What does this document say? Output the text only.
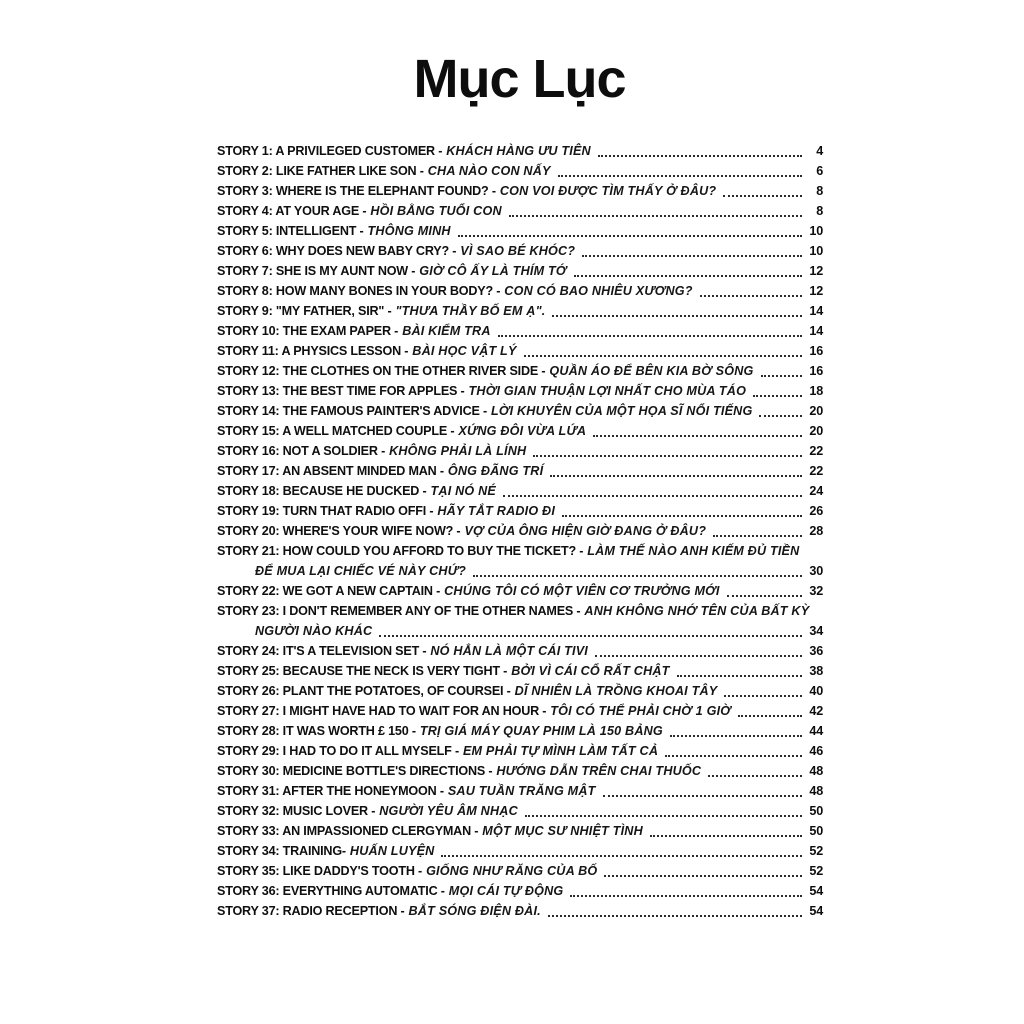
Mục Lục
STORY 1: A PRIVILEGED CUSTOMER - KHÁCH HÀNG ƯU TIÊN	4
STORY 2: LIKE FATHER LIKE SON - CHA NÀO CON NẤY	6
STORY 3: WHERE IS THE ELEPHANT FOUND? - CON VOI ĐƯỢC TÌM THẤY Ở ĐÂU?	8
STORY 4: AT YOUR AGE - HỒI BẰNG TUỔI CON	8
STORY 5: INTELLIGENT - THÔNG MINH	10
STORY 6: WHY DOES NEW BABY CRY? - VÌ SAO BÉ KHÓC?	10
STORY 7: SHE IS MY AUNT NOW - GIỜ CÔ ẤY LÀ THÍM TỚ	12
STORY 8: HOW MANY BONES IN YOUR BODY? - CON CÓ BAO NHIÊU XƯƠNG?	12
STORY 9: "MY FATHER, SIR" - "THƯA THẦY BỐ EM Ạ".	14
STORY 10: THE EXAM PAPER - BÀI KIỂM TRA	14
STORY 11: A PHYSICS LESSON - BÀI HỌC VẬT LÝ	16
STORY 12: THE CLOTHES ON THE OTHER RIVER SIDE - QUẦN ÁO ĐỂ BÊN KIA BỜ SÔNG	16
STORY 13: THE BEST TIME FOR APPLES - THỜI GIAN THUẬN LỢI NHẤT CHO MÙA TÁO	18
STORY 14: THE FAMOUS PAINTER'S ADVICE - LỜI KHUYÊN CỦA MỘT HỌA SĨ NỔI TIẾNG	20
STORY 15: A WELL MATCHED COUPLE - XỨNG ĐÔI VỪA LỨA	20
STORY 16: NOT A SOLDIER - KHÔNG PHẢI LÀ LÍNH	22
STORY 17: AN ABSENT MINDED MAN - ÔNG ĐÃNG TRÍ	22
STORY 18: BECAUSE HE DUCKED - TẠI NÓ NÉ	24
STORY 19: TURN THAT RADIO OFFI - HÃY TẮT RADIO ĐI	26
STORY 20: WHERE'S YOUR WIFE NOW? - VỢ CỦA ÔNG HIỆN GIỜ ĐANG Ở ĐÂU?	28
STORY 21: HOW COULD YOU AFFORD TO BUY THE TICKET? - LÀM THẾ NÀO ANH KIẾM ĐỦ TIỀN
ĐỂ MUA LẠI CHIẾC VÉ NÀY CHỨ?	30
STORY 22: WE GOT A NEW CAPTAIN - CHÚNG TÔI CÓ MỘT VIÊN CƠ TRƯỞNG MỚI	32
STORY 23: I DON'T REMEMBER ANY OF THE OTHER NAMES - ANH KHÔNG NHỚ TÊN CỦA BẤT KỲ
NGƯỜI NÀO KHÁC	34
STORY 24: IT'S A TELEVISION SET - NÓ HẲN LÀ MỘT CÁI TIVI	36
STORY 25: BECAUSE THE NECK IS VERY TIGHT - BỞI VÌ CÁI CỔ RẤT CHẬT	38
STORY 26: PLANT THE POTATOES, OF COURSEI - DĨ NHIÊN LÀ TRỒNG KHOAI TÂY	40
STORY 27: I MIGHT HAVE HAD TO WAIT FOR AN HOUR - TÔI CÓ THỂ PHẢI CHỜ 1 GIỜ	42
STORY 28: IT WAS WORTH £ 150 - TRỊ GIÁ MÁY QUAY PHIM LÀ 150 BẢNG	44
STORY 29: I HAD TO DO IT ALL MYSELF - EM PHẢI TỰ MÌNH LÀM TẤT CẢ	46
STORY 30: MEDICINE BOTTLE'S DIRECTIONS - HƯỚNG DẪN TRÊN CHAI THUỐC	48
STORY 31: AFTER THE HONEYMOON - SAU TUẦN TRĂNG MẬT	48
STORY 32: MUSIC LOVER - NGƯỜI YÊU ÂM NHẠC	50
STORY 33: AN IMPASSIONED CLERGYMAN - MỘT MỤC SƯ NHIỆT TÌNH	50
STORY 34: TRAINING- HUẤN LUYỆN	52
STORY 35: LIKE DADDY'S TOOTH - GIỐNG NHƯ RĂNG CỦA BỐ	52
STORY 36: EVERYTHING AUTOMATIC - MỌI CÁI TỰ ĐỘNG	54
STORY 37: RADIO RECEPTION - BẮT SÓNG ĐIỆN ĐÀI.	54
